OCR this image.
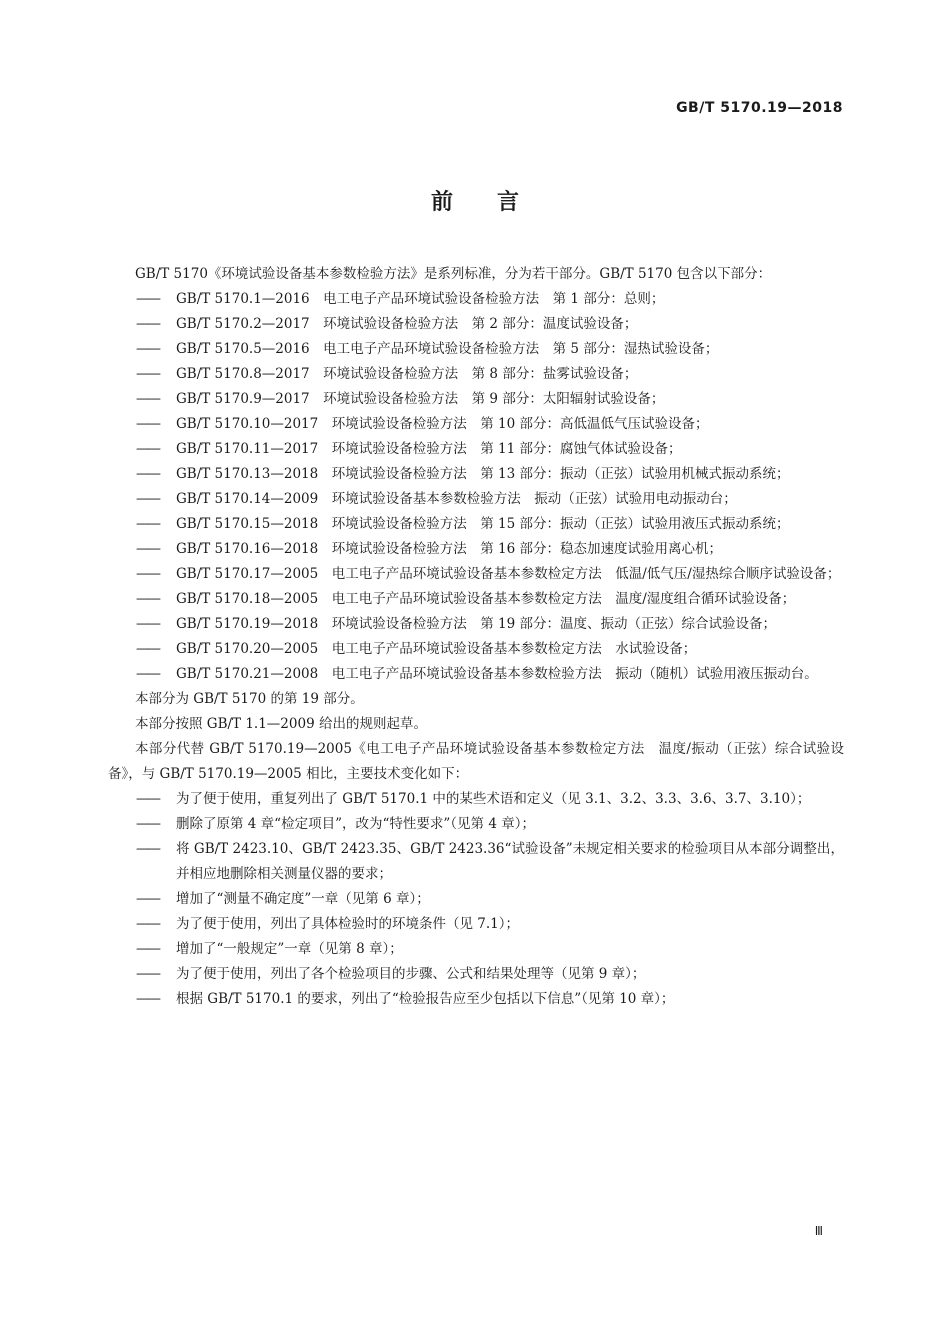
GB/T 5170.19—2018
前言

GB/T 5170《环境试验设备基本参数检验方法》是系列标准，分为若干部分。GB/T 5170 包含以下部分：

——	GB/T 5170.1—2016　电工电子产品环境试验设备检验方法　第 1 部分：总则；
——	GB/T 5170.2—2017　环境试验设备检验方法　第 2 部分：温度试验设备；
——	GB/T 5170.5—2016　电工电子产品环境试验设备检验方法　第 5 部分：湿热试验设备；
——	GB/T 5170.8—2017　环境试验设备检验方法　第 8 部分：盐雾试验设备；
——	GB/T 5170.9—2017　环境试验设备检验方法　第 9 部分：太阳辐射试验设备；
——	GB/T 5170.10—2017　环境试验设备检验方法　第 10 部分：高低温低气压试验设备；
——	GB/T 5170.11—2017　环境试验设备检验方法　第 11 部分：腐蚀气体试验设备；
——	GB/T 5170.13—2018　环境试验设备检验方法　第 13 部分：振动（正弦）试验用机械式振动系统；
——	GB/T 5170.14—2009　环境试验设备基本参数检验方法　振动（正弦）试验用电动振动台；
——	GB/T 5170.15—2018　环境试验设备检验方法　第 15 部分：振动（正弦）试验用液压式振动系统；
——	GB/T 5170.16—2018　环境试验设备检验方法　第 16 部分：稳态加速度试验用离心机；
——	GB/T 5170.17—2005　电工电子产品环境试验设备基本参数检定方法　低温/低气压/湿热综合顺序试验设备；
——	GB/T 5170.18—2005　电工电子产品环境试验设备基本参数检定方法　温度/湿度组合循环试验设备；
——	GB/T 5170.19—2018　环境试验设备检验方法　第 19 部分：温度、振动（正弦）综合试验设备；
——	GB/T 5170.20—2005　电工电子产品环境试验设备基本参数检定方法　水试验设备；
——	GB/T 5170.21—2008　电工电子产品环境试验设备基本参数检验方法　振动（随机）试验用液压振动台。

本部分为 GB/T 5170 的第 19 部分。

本部分按照 GB/T 1.1—2009 给出的规则起草。

本部分代替 GB/T 5170.19—2005《电工电子产品环境试验设备基本参数检定方法　温度/振动（正弦）综合试验设备》，与 GB/T 5170.19—2005 相比，主要技术变化如下：

——	为了便于使用，重复列出了 GB/T 5170.1 中的某些术语和定义（见 3.1、3.2、3.3、3.6、3.7、3.10）；
——	删除了原第 4 章“检定项目”，改为“特性要求”（见第 4 章）；
——	将 GB/T 2423.10、GB/T 2423.35、GB/T 2423.36“试验设备”未规定相关要求的检验项目从本部分调整出，并相应地删除相关测量仪器的要求；
——	增加了“测量不确定度”一章（见第 6 章）；
——	为了便于使用，列出了具体检验时的环境条件（见 7.1）；
——	增加了“一般规定”一章（见第 8 章）；
——	为了便于使用，列出了各个检验项目的步骤、公式和结果处理等（见第 9 章）；
——	根据 GB/T 5170.1 的要求，列出了“检验报告应至少包括以下信息”（见第 10 章）；
Ⅲ
